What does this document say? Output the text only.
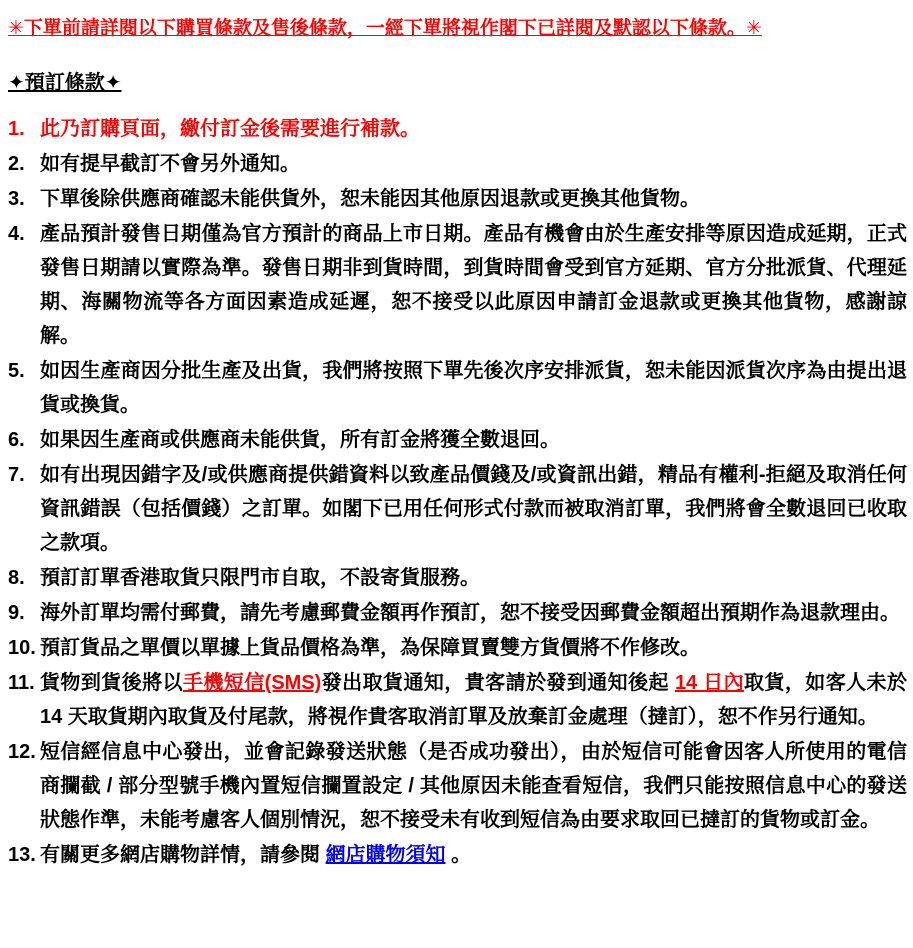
✳下單前請詳閱以下購買條款及售後條款，一經下單將視作閣下已詳閱及默認以下條款。✳

✦預訂條款✦

1. 此乃訂購頁面，繳付訂金後需要進行補款。
2. 如有提早截訂不會另外通知。
3. 下單後除供應商確認未能供貨外，恕未能因其他原因退款或更換其他貨物。
4. 產品預計發售日期僅為官方預計的商品上市日期。產品有機會由於生產安排等原因造成延期，正式發售日期請以實際為準。發售日期非到貨時間，到貨時間會受到官方延期、官方分批派貨、代理延期、海關物流等各方面因素造成延遲，恕不接受以此原因申請訂金退款或更換其他貨物，感謝諒解。
5. 如因生產商因分批生產及出貨，我們將按照下單先後次序安排派貨，恕未能因派貨次序為由提出退貨或換貨。
6. 如果因生產商或供應商未能供貨，所有訂金將獲全數退回。
7. 如有出現因錯字及/或供應商提供錯資料以致產品價錢及/或資訊出錯，精品有權利-拒絕及取消任何資訊錯誤（包括價錢）之訂單。如閣下已用任何形式付款而被取消訂單，我們將會全數退回已收取之款項。
8. 預訂訂單香港取貨只限門市自取，不設寄貨服務。
9. 海外訂單均需付郵費，請先考慮郵費金額再作預訂，恕不接受因郵費金額超出預期作為退款理由。
10. 預訂貨品之單價以單據上貨品價格為準，為保障買賣雙方貨價將不作修改。
11. 貨物到貨後將以手機短信(SMS)發出取貨通知，貴客請於發到通知後起 14 日內取貨，如客人未於 14 天取貨期內取貨及付尾款，將視作貴客取消訂單及放棄訂金處理（撻訂），恕不作另行通知。
12. 短信經信息中心發出，並會記錄發送狀態（是否成功發出），由於短信可能會因客人所使用的電信商攔截 / 部分型號手機內置短信攔置設定 / 其他原因未能查看短信，我們只能按照信息中心的發送狀態作準，未能考慮客人個別情況，恕不接受未有收到短信為由要求取回已撻訂的貨物或訂金。
13. 有關更多網店購物詳情，請參閱 網店購物須知 。
